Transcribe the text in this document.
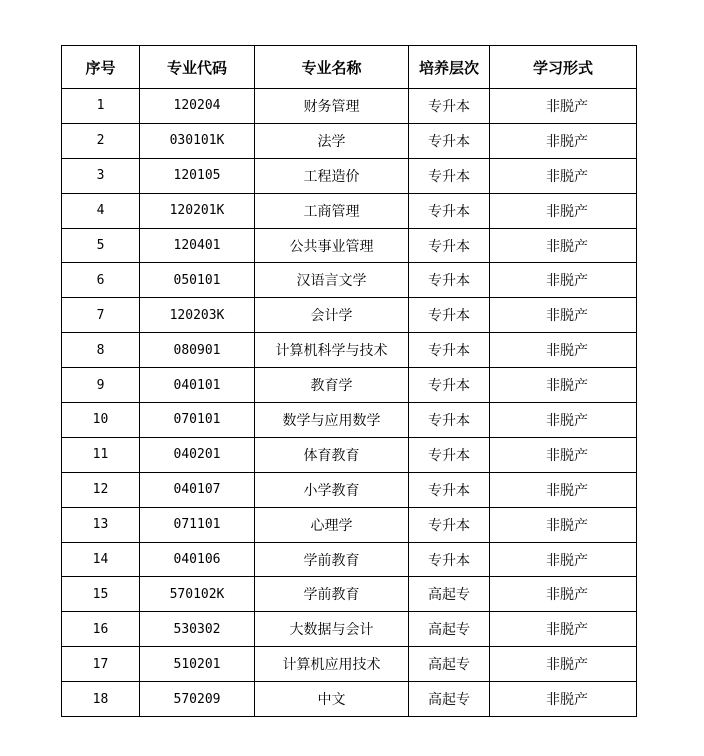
序号	专业代码	专业名称	培养层次	学习形式
1	120204	财务管理	专升本	非脱产
2	030101K	法学	专升本	非脱产
3	120105	工程造价	专升本	非脱产
4	120201K	工商管理	专升本	非脱产
5	120401	公共事业管理	专升本	非脱产
6	050101	汉语言文学	专升本	非脱产
7	120203K	会计学	专升本	非脱产
8	080901	计算机科学与技术	专升本	非脱产
9	040101	教育学	专升本	非脱产
10	070101	数学与应用数学	专升本	非脱产
11	040201	体育教育	专升本	非脱产
12	040107	小学教育	专升本	非脱产
13	071101	心理学	专升本	非脱产
14	040106	学前教育	专升本	非脱产
15	570102K	学前教育	高起专	非脱产
16	530302	大数据与会计	高起专	非脱产
17	510201	计算机应用技术	高起专	非脱产
18	570209	中文	高起专	非脱产
